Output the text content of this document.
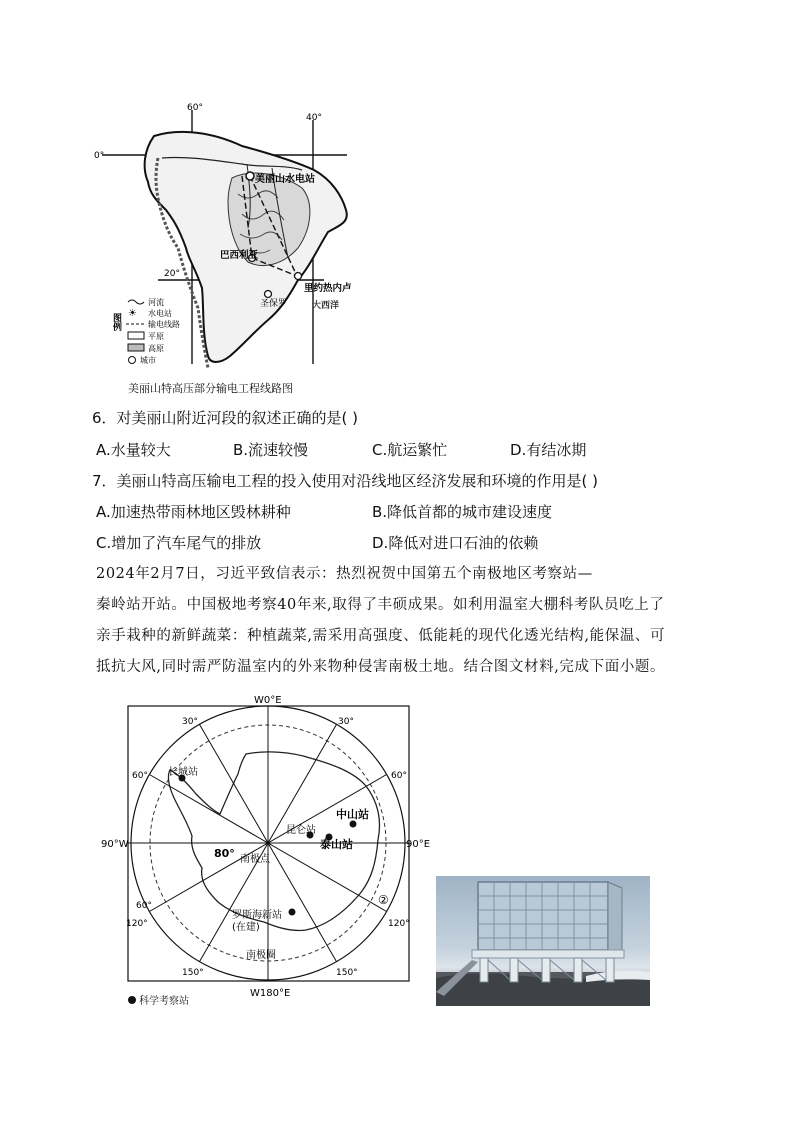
美丽山水电站
巴西利亚
里约热内卢
圣保罗	大西洋
60°
40°
0°
20°
图例
河流
☀ 水电站
输电线路
平原
高原
城市
美丽山特高压部分输电工程线路图
6．对美丽山附近河段的叙述正确的是( )
A.水量较大	B.流速较慢	C.航运繁忙	D.有结冰期
7．美丽山特高压输电工程的投入使用对沿线地区经济发展和环境的作用是( )
A.加速热带雨林地区毁林耕种	B.降低首都的城市建设速度
C.增加了汽车尾气的排放	D.降低对进口石油的依赖
2024年2月7日，习近平致信表示：热烈祝贺中国第五个南极地区考察站—
秦岭站开站。中国极地考察40年来,取得了丰硕成果。如利用温室大棚科考队员吃上了
亲手栽种的新鲜蔬菜：种植蔬菜,需采用高强度、低能耗的现代化透光结构,能保温、可
抵抗大风,同时需严防温室内的外来物种侵害南极土地。结合图文材料,完成下面小题。
W0°E
W180°E
90°W	90°E
30°	30°
60°	60°
120°	120°
150°	150°
60°
80°
②
长城站
中山站
昆仑站
泰山站
南极点
罗斯海新站
(在建)
南极圈
科学考察站
